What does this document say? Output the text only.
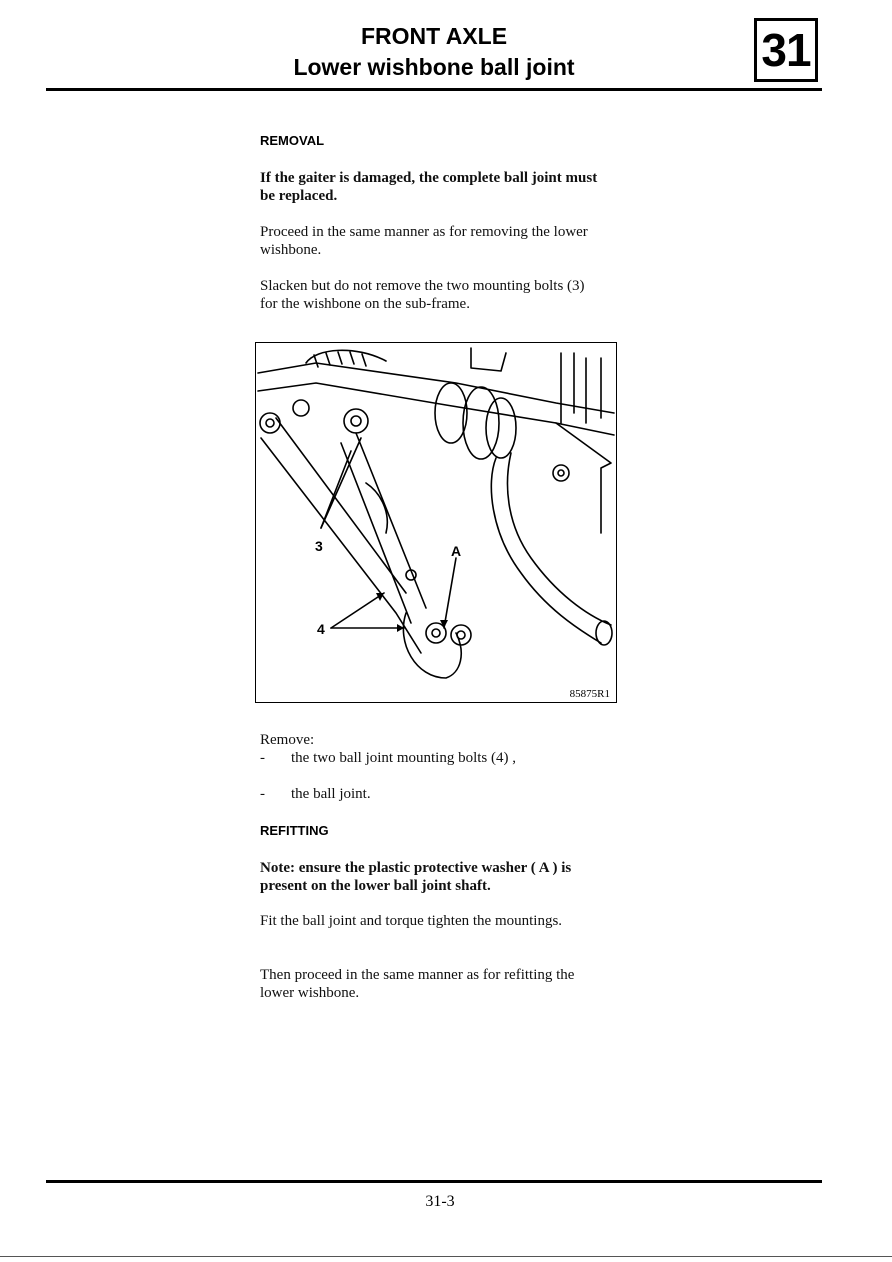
FRONT AXLE
Lower wishbone ball joint	31
REMOVAL
If the gaiter is damaged, the complete ball joint must be replaced.
Proceed in the same manner as for removing the lower wishbone.
Slacken but do not remove the two mounting bolts (3) for the wishbone on the sub-frame.
3	A
4
85875R1
Remove:
- the two ball joint mounting bolts (4) ,
- the ball joint.
REFITTING
Note: ensure the plastic protective washer ( A ) is present on the lower ball joint shaft.
Fit the ball joint and torque tighten the mountings.
Then proceed in the same manner as for refitting the lower wishbone.
31-3
